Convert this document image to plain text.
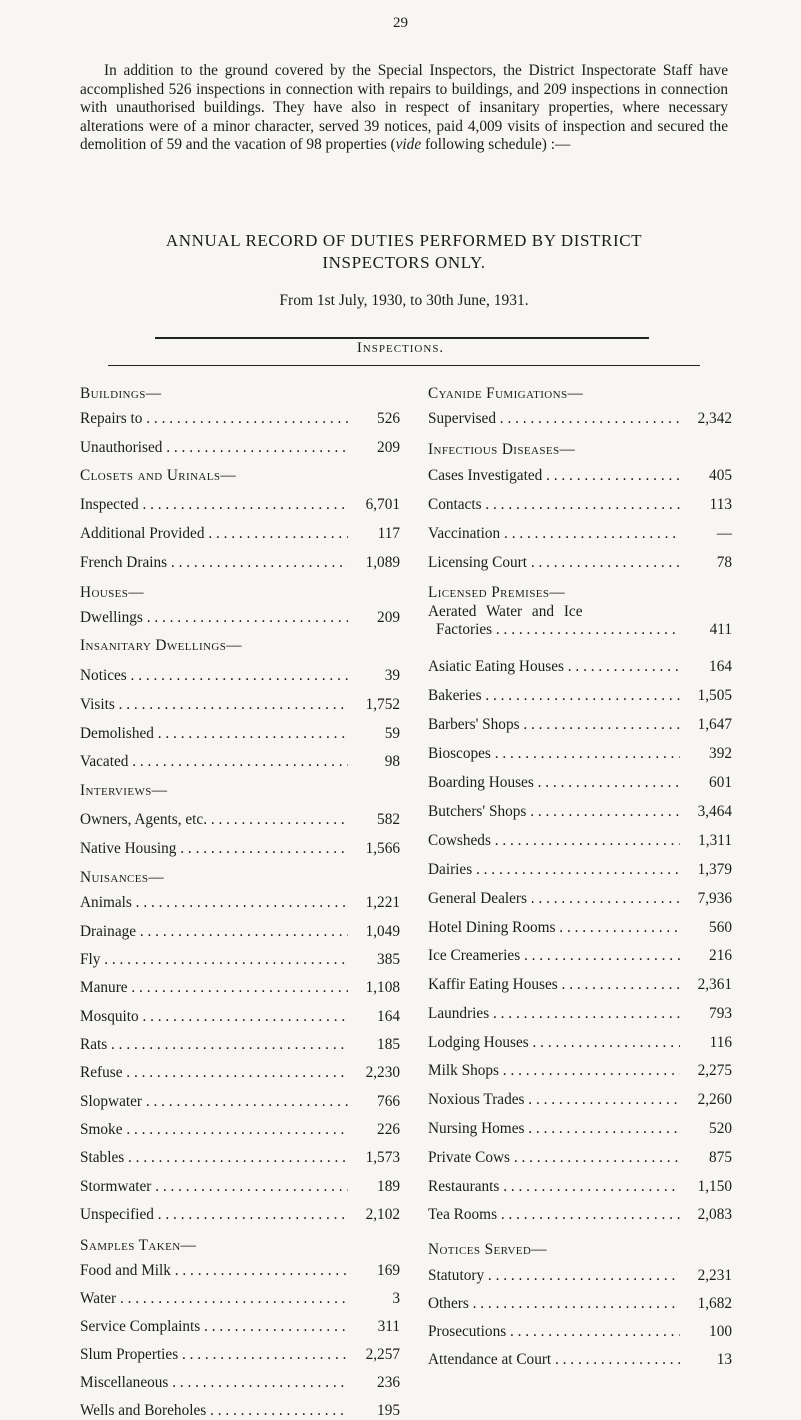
29

In addition to the ground covered by the Special Inspectors, the District Inspectorate Staff have accomplished 526 inspections in connection with repairs to buildings, and 209 inspections in connection with unauthorised buildings. They have also in respect of insanitary properties, where necessary alterations were of a minor character, served 39 notices, paid 4,009 visits of inspection and secured the demolition of 59 and the vacation of 98 properties (vide following schedule) :—

ANNUAL RECORD OF DUTIES PERFORMED BY DISTRICT
INSPECTORS ONLY.
From 1st July, 1930, to 30th June, 1931.
Inspections.
Buildings—
Repairs to . . .	526
Unauthorised . . .	209
Closets and Urinals—
Inspected . . .	6,701
Additional Provided . . .	117
French Drains . . .	1,089
Houses—
Dwellings . . .	209
Insanitary Dwellings—
Notices . . .	39
Visits . . .	1,752
Demolished . . .	59
Vacated . . .	98
Interviews—
Owners, Agents, etc. . . .	582
Native Housing . . .	1,566
Nuisances—
Animals . . .	1,221
Drainage . . .	1,049
Fly . . .	385
Manure . . .	1,108
Mosquito . . .	164
Rats . . .	185
Refuse . . .	2,230
Slopwater . . .	766
Smoke . . .	226
Stables . . .	1,573
Stormwater . . .	189
Unspecified . . .	2,102
Samples Taken—
Food and Milk . . .	169
Water . . .	3
Service Complaints . . .	311
Slum Properties . . .	2,257
Miscellaneous . . .	236
Wells and Boreholes . . .	195
Cyanide Fumigations—
Supervised . . .	2,342
Infectious Diseases—
Cases Investigated . . .	405
Contacts . . .	113
Vaccination . . .	—
Licensing Court . . .	78
Licensed Premises—
Aerated Water and Ice
Factories . . .	411
Asiatic Eating Houses . . .	164
Bakeries . . .	1,505
Barbers' Shops . . .	1,647
Bioscopes . . .	392
Boarding Houses . . .	601
Butchers' Shops . . .	3,464
Cowsheds . . .	1,311
Dairies . . .	1,379
General Dealers . . .	7,936
Hotel Dining Rooms . . .	560
Ice Creameries . . .	216
Kaffir Eating Houses . . .	2,361
Laundries . . .	793
Lodging Houses . . .	116
Milk Shops . . .	2,275
Noxious Trades . . .	2,260
Nursing Homes . . .	520
Private Cows . . .	875
Restaurants . . .	1,150
Tea Rooms . . .	2,083
Notices Served—
Statutory . . .	2,231
Others . . .	1,682
Prosecutions . . .	100
Attendance at Court . . .	13
